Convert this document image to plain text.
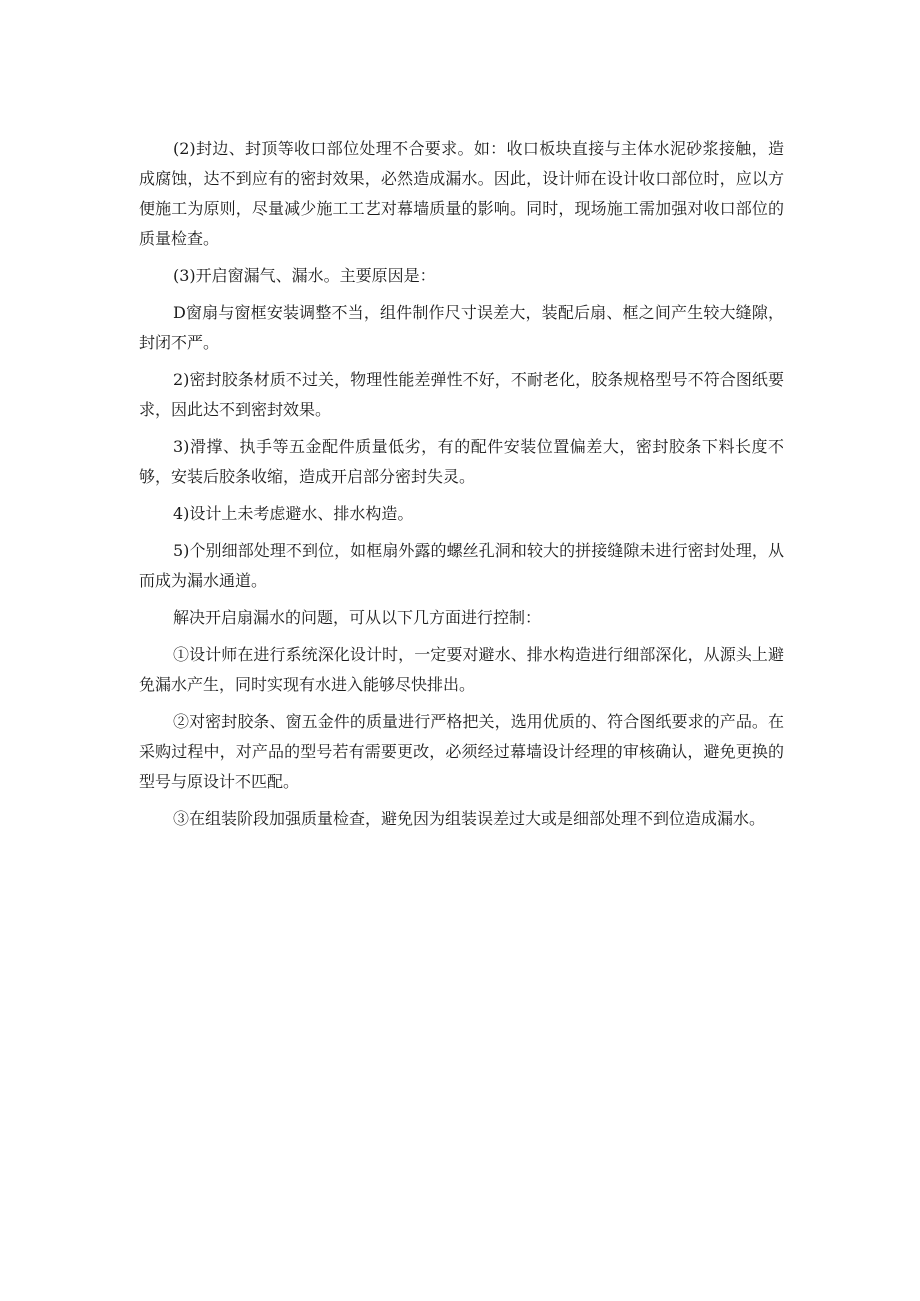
(2)封边、封顶等收口部位处理不合要求。如：收口板块直接与主体水泥砂浆接触，造成腐蚀，达不到应有的密封效果，必然造成漏水。因此，设计师在设计收口部位时，应以方便施工为原则，尽量减少施工工艺对幕墙质量的影响。同时，现场施工需加强对收口部位的质量检查。

(3)开启窗漏气、漏水。主要原因是：

D窗扇与窗框安装调整不当，组件制作尺寸误差大，装配后扇、框之间产生较大缝隙，封闭不严。

2)密封胶条材质不过关，物理性能差弹性不好，不耐老化，胶条规格型号不符合图纸要求，因此达不到密封效果。

3)滑撑、执手等五金配件质量低劣，有的配件安装位置偏差大，密封胶条下料长度不够，安装后胶条收缩，造成开启部分密封失灵。

4)设计上未考虑避水、排水构造。

5)个别细部处理不到位，如框扇外露的螺丝孔洞和较大的拼接缝隙未进行密封处理，从而成为漏水通道。

解决开启扇漏水的问题，可从以下几方面进行控制：

①设计师在进行系统深化设计时，一定要对避水、排水构造进行细部深化，从源头上避免漏水产生，同时实现有水进入能够尽快排出。

②对密封胶条、窗五金件的质量进行严格把关，选用优质的、符合图纸要求的产品。在采购过程中，对产品的型号若有需要更改，必须经过幕墙设计经理的审核确认，避免更换的型号与原设计不匹配。

③在组装阶段加强质量检查，避免因为组装误差过大或是细部处理不到位造成漏水。
